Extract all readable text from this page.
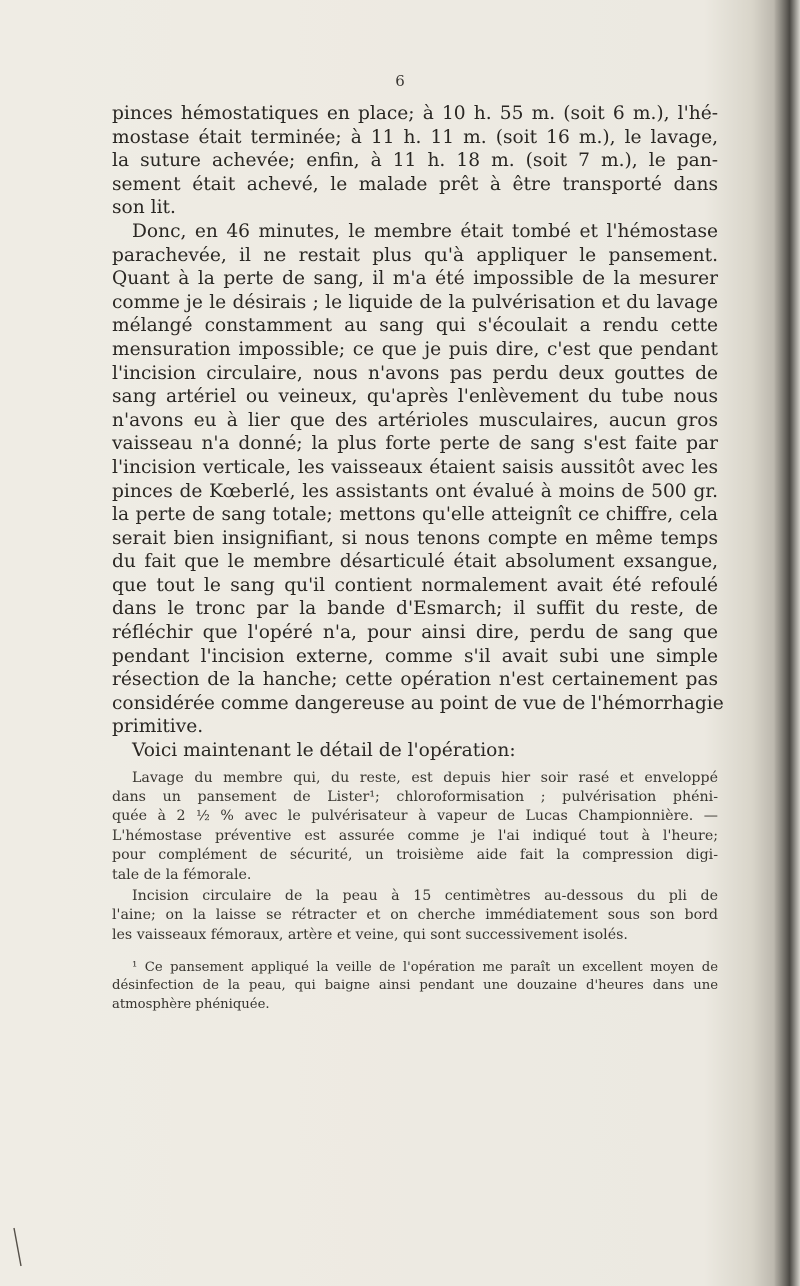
6

pinces hémostatiques en place; à 10 h. 55 m. (soit 6 m.), l'hé-

mostase était terminée; à 11 h. 11 m. (soit 16 m.), le lavage,

la suture achevée; enfin, à 11 h. 18 m. (soit 7 m.), le pan-

sement était achevé, le malade prêt à être transporté dans

son lit.

Donc, en 46 minutes, le membre était tombé et l'hémostase

parachevée, il ne restait plus qu'à appliquer le pansement.

Quant à la perte de sang, il m'a été impossible de la mesurer

comme je le désirais ; le liquide de la pulvérisation et du lavage

mélangé constamment au sang qui s'écoulait a rendu cette

mensuration impossible; ce que je puis dire, c'est que pendant

l'incision circulaire, nous n'avons pas perdu deux gouttes de

sang artériel ou veineux, qu'après l'enlèvement du tube nous

n'avons eu à lier que des artérioles musculaires, aucun gros

vaisseau n'a donné; la plus forte perte de sang s'est faite par

l'incision verticale, les vaisseaux étaient saisis aussitôt avec les

pinces de Kœberlé, les assistants ont évalué à moins de 500 gr.

la perte de sang totale; mettons qu'elle atteignît ce chiffre, cela

serait bien insignifiant, si nous tenons compte en même temps

du fait que le membre désarticulé était absolument exsangue,

que tout le sang qu'il contient normalement avait été refoulé

dans le tronc par la bande d'Esmarch; il suffit du reste, de

réfléchir que l'opéré n'a, pour ainsi dire, perdu de sang que

pendant l'incision externe, comme s'il avait subi une simple

résection de la hanche; cette opération n'est certainement pas

considérée comme dangereuse au point de vue de l'hémorrhagie

primitive.

Voici maintenant le détail de l'opération:

Lavage du membre qui, du reste, est depuis hier soir rasé et enveloppé

dans un pansement de Lister¹; chloroformisation ; pulvérisation phéni-

quée à 2 ½ % avec le pulvérisateur à vapeur de Lucas Championnière. —

L'hémostase préventive est assurée comme je l'ai indiqué tout à l'heure;

pour complément de sécurité, un troisième aide fait la compression digi-

tale de la fémorale.

Incision circulaire de la peau à 15 centimètres au-dessous du pli de

l'aine; on la laisse se rétracter et on cherche immédiatement sous son bord

les vaisseaux fémoraux, artère et veine, qui sont successivement isolés.

¹ Ce pansement appliqué la veille de l'opération me paraît un excellent moyen de

désinfection de la peau, qui baigne ainsi pendant une douzaine d'heures dans une

atmosphère phéniquée.
